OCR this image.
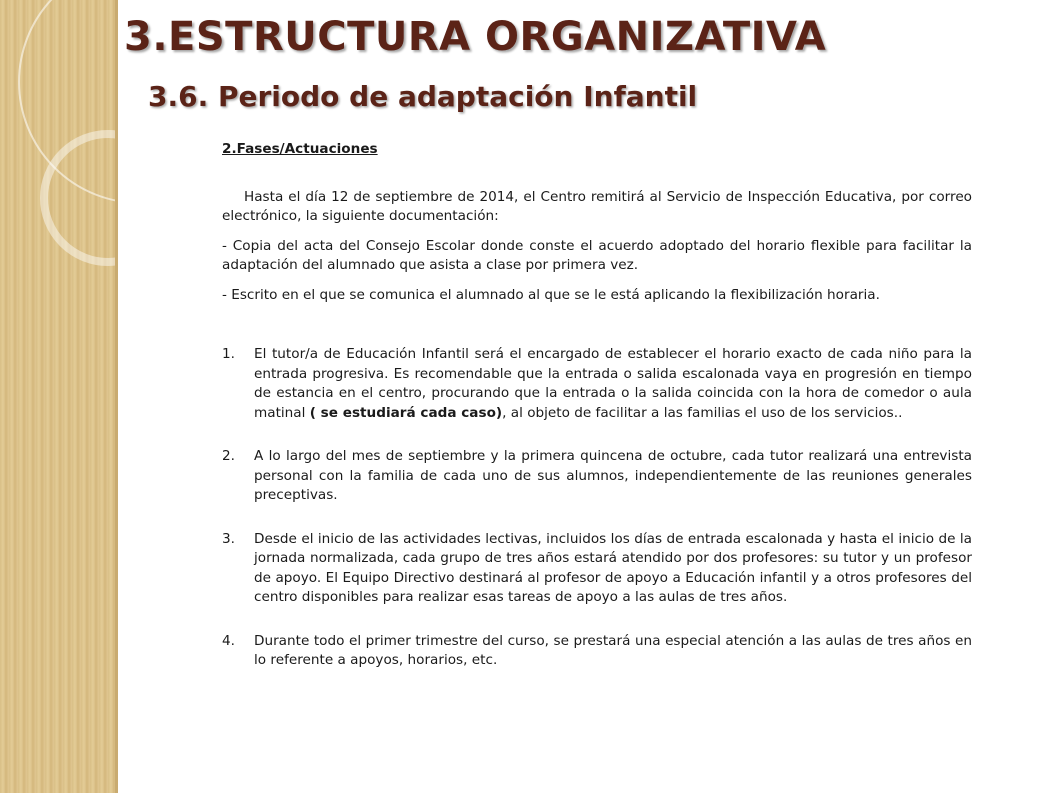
3.ESTRUCTURA ORGANIZATIVA
3.6. Periodo de adaptación Infantil
2.Fases/Actuaciones

Hasta el día 12 de septiembre de 2014, el Centro remitirá al Servicio de Inspección Educativa, por correo electrónico, la siguiente documentación:

- Copia del acta del Consejo Escolar donde conste el acuerdo adoptado del horario flexible para facilitar la adaptación del alumnado que asista a clase por primera vez.

- Escrito en el que se comunica el alumnado al que se le está aplicando la flexibilización horaria.

1.	El tutor/a de Educación Infantil será el encargado de establecer el horario exacto de cada niño para la entrada progresiva. Es recomendable que la entrada o salida escalonada vaya en progresión en tiempo de estancia en el centro, procurando que la entrada o la salida coincida con la hora de comedor o aula matinal ( se estudiará cada caso), al objeto de facilitar a las familias el uso de los servicios..
2.	A lo largo del mes de septiembre y la primera quincena de octubre, cada tutor realizará una entrevista personal con la familia de cada uno de sus alumnos, independientemente de las reuniones generales preceptivas.
3.	Desde el inicio de las actividades lectivas, incluidos los días de entrada escalonada y hasta el inicio de la jornada normalizada, cada grupo de tres años estará atendido por dos profesores: su tutor y un profesor de apoyo. El Equipo Directivo destinará al profesor de apoyo a Educación infantil y a otros profesores del centro disponibles para realizar esas tareas de apoyo a las aulas de tres años.
4.	Durante todo el primer trimestre del curso, se prestará una especial atención a las aulas de tres años en lo referente a apoyos, horarios, etc.
